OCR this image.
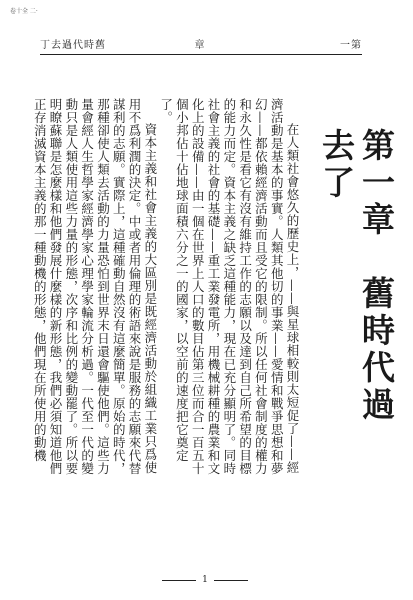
卷十全 二·
丁去過代時舊	章	一第
第一章　舊時代過去了

在人類社會悠久的歷史上，——與星球相較則太短促了——經濟活動是基本的事實。人類其他切的事業——愛情和戰爭思想和夢幻——都依賴經濟活動而且受它的限制。所以任何社會制度的權力和永久性是看它有沒有維持工作的志願以及達到自己所希望的目標的能力而定。資本主義之缺乏這種能力，現在已充分顯明了。同時社會主義的社會的基礎——重工業發電所，用機械耕種的農業和文化上的設備——由一個在世界上人口的數目佔第三位而合一百五十個小邦佔十佔地球面積六分之一的國家，以空前的速度把它奠定了。

資本主義和社會主義的大區別是既經濟活動於組織工業只爲使用不爲利潤的決定。中或者用倫理的術語來說是服務的志願來代替謀利的志願。實際上，這種確動自然沒有這麼簡單。原始的時代，那種卻使人類去活動的力量恐怕到世界末日還會驅使他們。這些力量會經人生哲學家經濟學家心理學家輪流分析過。一代至一代的變動只是人類使用這些力量的形態，次序和比例的變動罷了。所以要明瞭蘇聯是怎麼樣和他們發展什麼樣的新形態，我們必須知道他們正存消滅資本主義的那一種動機的形態，他們現在所使用的動機

1
